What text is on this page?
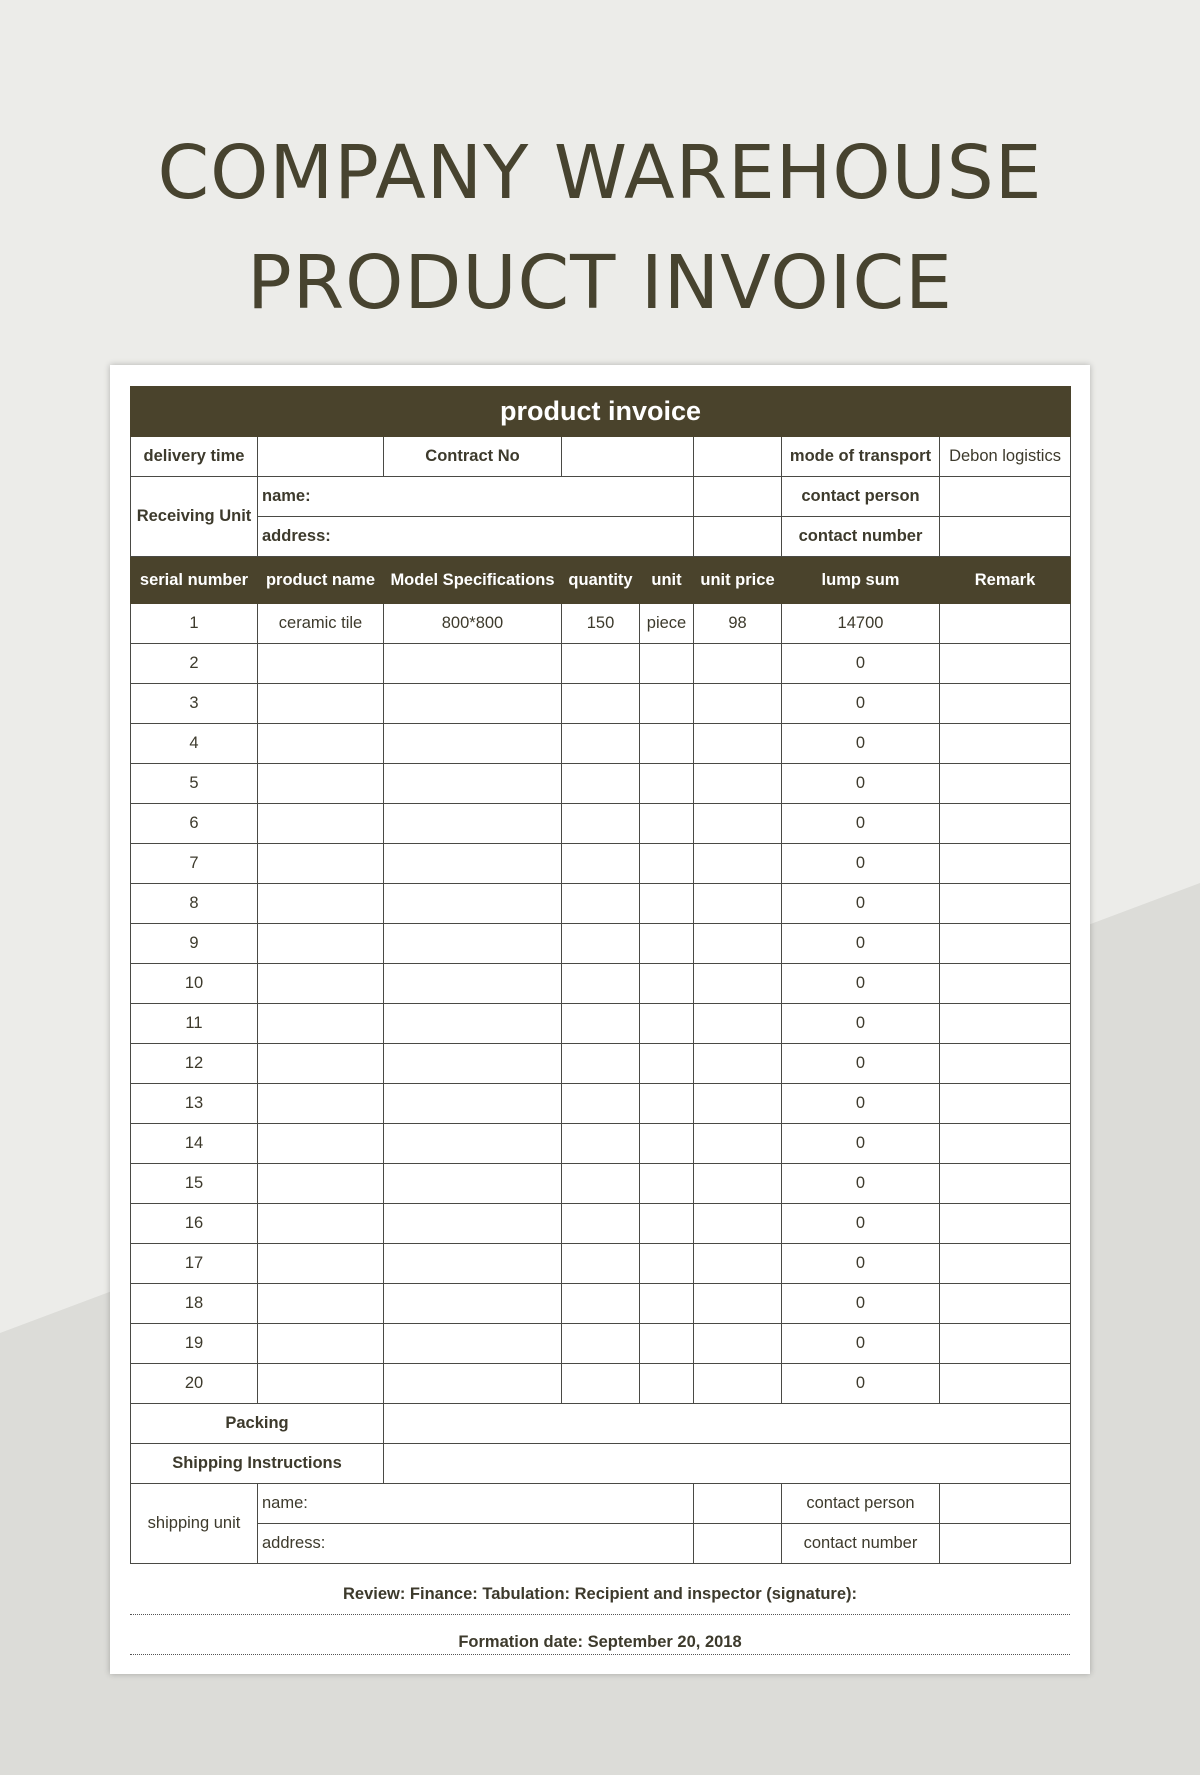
COMPANY WAREHOUSE
PRODUCT INVOICE
product invoice							
delivery time		Contract No				mode of transport	Debon logistics
Receiving Unit	name:					contact person	
	address:					contact number	
serial number	product name	Model Specifications	quantity	unit	unit price	lump sum	Remark
1	ceramic tile	800*800	150	piece	98	14700	
2						0	
3						0	
4						0	
5						0	
6						0	
7						0	
8						0	
9						0	
10						0	
11						0	
12						0	
13						0	
14						0	
15						0	
16						0	
17						0	
18						0	
19						0	
20						0	
Packing							
Shipping Instructions							
shipping unit	name:					contact person	
	address:					contact number	
Review: Finance: Tabulation: Recipient and inspector (signature):
Formation date: September 20, 2018
